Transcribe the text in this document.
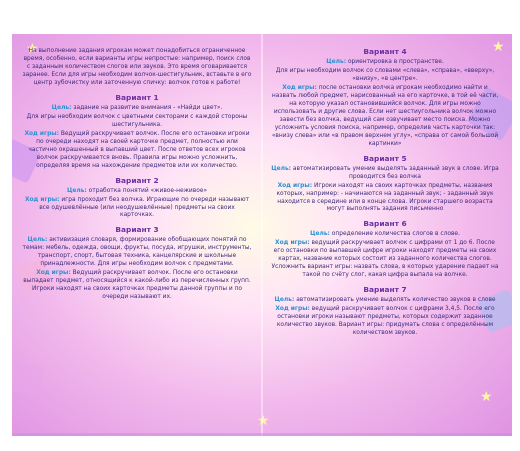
★	★
★
★

На выполнение задания игрокам может понадобиться ограниченное время, особенно, если варианты игры непростые: например, поиск слов с заданным количеством слогов или звуков. Это время оговаривается заранее. Если для игры необходим волчок-шестигульник, вставьте в его центр зубочистку или заточенную спичку: волчок готов к работе!

Вариант 1

Цель: задание на развитие внимания - «Найди цвет».

Для игры необходим волчок с цветными секторами с каждой стороны шестигульника.

Ход игры: Ведущий раскручивает волчок. После его остановки игроки по очереди находят на своей карточке предмет, полностью или частично окрашенный в выпавший цвет. После ответов всех игроков волчок раскручивается вновь. Правила игры можно усложнить, определяя время на нахождение предметов или их количество.

Вариант 2

Цель: отработка понятий «живое-неживое»

Ход игры: игра проходит без волчка. Играющие по очереди называют все одушевлённые (или неодушевлённые) предметы на своих карточках.

Вариант 3

Цель: активизация словаря, формирование обобщающих понятий по темам: мебель, одежда, овощи, фрукты, посуда, игрушки, инструменты, транспорт, спорт, бытовая техника, канцелярские и школьные принадлежности. Для игры необходим волчок с предметами.

Ход игры: Ведущий раскручивает волчок. После его остановки выпадает предмет, относящийся к какой-либо из перечисленных групп. Игроки находят на своих карточках предметы данной группы и по очереди называют их.

Вариант 4

Цель: ориентировка в пространстве.

Для игры необходим волчок со словами «слева», «справа», «вверху», «внизу», «в центре».

Ход игры: после остановки волчка игрокам необходимо найти и назвать любой предмет, нарисованный на его карточке, в той её части, на которую указал остановившийся волчок. Для игры можно использовать и другие слова. Если нет шестиугольника волчок можно завести без волчка, ведущий сам озвучивает место поиска. Можно усложнить условия поиска, например, определив часть карточки так: «внизу слева» или «в правом верхнем углу», «справа от самой большой картинки»

Вариант 5

Цель: автоматизировать умение выделять заданный звук в слове. Игра проводится без волчка

Ход игры: Игроки находят на своих карточках предметы, названия которых, например: - начинаются на заданный звук; - заданный звук находится в середине или в конце слова. Игроки старшего возраста могут выполнять задания письменно

Вариант 6

Цель: определение количества слогов в слове.

Ход игры: ведущий раскручивает волчок с цифрами от 1 до 6. После его остановки по выпавшей цифре игроки находят предметы на своих картах, название которых состоит из заданного количества слогов. Усложнить вариант игры: назвать слова, в которых ударение падает на такой по счёту слог, какая цифра выпала на волчке.

Вариант 7

Цель: автоматизировать умение выделять количество звуков в слове

Ход игры: ведущий раскручивает волчок с цифрами 3,4,5. После его остановки игроки называют предметы, которых содержит заданное количество звуков. Вариант игры: придумать слова с определённым количеством звуков.
